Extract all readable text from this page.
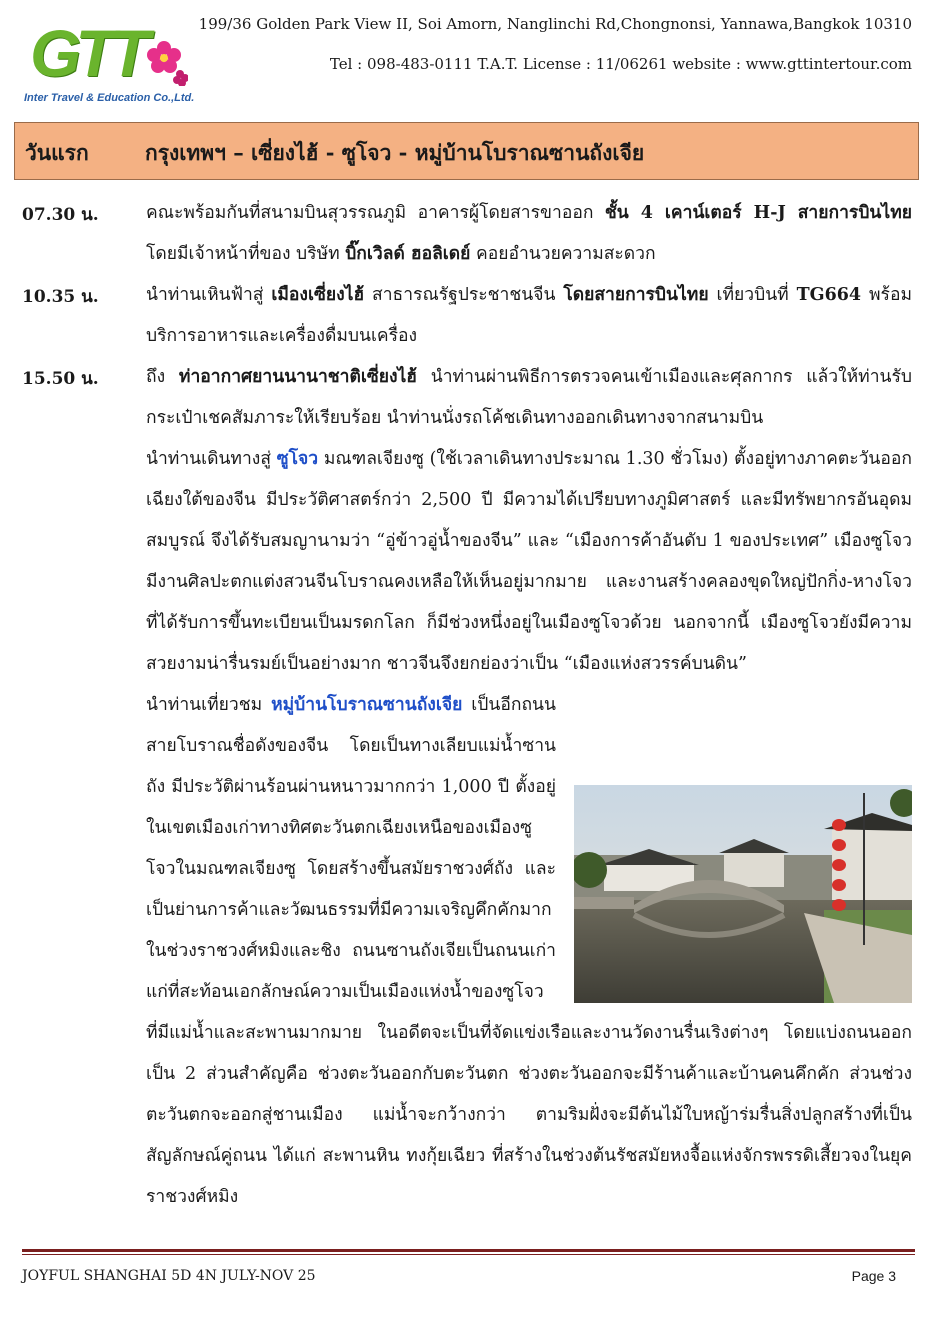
GTT
Inter Travel & Education Co.,Ltd.
199/36 Golden Park View II, Soi Amorn, Nanglinchi Rd,Chongnonsi, Yannawa,Bangkok 10310
Tel : 098-483-0111 T.A.T. License : 11/06261 website : www.gttintertour.com
วันแรก	กรุงเทพฯ – เซี่ยงไฮ้ - ซูโจว - หมู่บ้านโบราณซานถังเจีย
07.30 น.	คณะพร้อมกันที่สนามบินสุวรรณภูมิ อาคารผู้โดยสารขาออก ชั้น 4 เคาน์เตอร์ H-J สายการบินไทย โดยมีเจ้าหน้าที่ของ บริษัท บิ๊กเวิลด์ ฮอลิเดย์ คอยอำนวยความสะดวก

10.35 น.	นำท่านเหินฟ้าสู่ เมืองเซี่ยงไฮ้ สาธารณรัฐประชาชนจีน โดยสายการบินไทย เที่ยวบินที่ TG664 พร้อมบริการอาหารและเครื่องดื่มบนเครื่อง

15.50 น.	ถึง ท่าอากาศยานนานาชาติเซี่ยงไฮ้ นำท่านผ่านพิธีการตรวจคนเข้าเมืองและศุลกากร แล้วให้ท่านรับกระเป๋าเชคสัมภาระให้เรียบร้อย นำท่านนั่งรถโค้ชเดินทางออกเดินทางจากสนามบิน

นำท่านเดินทางสู่ ซูโจว มณฑลเจียงซู (ใช้เวลาเดินทางประมาณ 1.30 ชั่วโมง) ตั้งอยู่ทางภาคตะวันออกเฉียงใต้ของจีน มีประวัติศาสตร์กว่า 2,500 ปี มีความได้เปรียบทางภูมิศาสตร์ และมีทรัพยากรอันอุดมสมบูรณ์ จึงได้รับสมญานามว่า “อู่ข้าวอู่น้ำของจีน” และ “เมืองการค้าอันดับ 1 ของประเทศ” เมืองซูโจวมีงานศิลปะตกแต่งสวนจีนโบราณคงเหลือให้เห็นอยู่มากมาย และงานสร้างคลองขุดใหญ่ปักกิ่ง-หางโจว ที่ได้รับการขึ้นทะเบียนเป็นมรดกโลก ก็มีช่วงหนึ่งอยู่ในเมืองซูโจวด้วย นอกจากนี้ เมืองซูโจวยังมีความสวยงามน่ารื่นรมย์เป็นอย่างมาก ชาวจีนจึงยกย่องว่าเป็น “เมืองแห่งสวรรค์บนดิน”

นำท่านเที่ยวชม หมู่บ้านโบราณซานถังเจีย เป็นอีกถนนสายโบราณชื่อดังของจีน โดยเป็นทางเลียบแม่น้ำซานถัง มีประวัติผ่านร้อนผ่านหนาวมากกว่า 1,000 ปี ตั้งอยู่ในเขตเมืองเก่าทางทิศตะวันตกเฉียงเหนือของเมืองซูโจวในมณฑลเจียงซู โดยสร้างขึ้นสมัยราชวงศ์ถัง และเป็นย่านการค้าและวัฒนธรรมที่มีความเจริญคึกคักมากในช่วงราชวงศ์หมิงและชิง ถนนซานถังเจียเป็นถนนเก่าแก่ที่สะท้อนเอกลักษณ์ความเป็นเมืองแห่งน้ำของซูโจว ที่มีแม่น้ำและสะพานมากมาย ในอดีตจะเป็นที่จัดแข่งเรือและงานวัดงานรื่นเริงต่างๆ โดยแบ่งถนนออกเป็น 2 ส่วนสำคัญคือ ช่วงตะวันออกกับตะวันตก ช่วงตะวันออกจะมีร้านค้าและบ้านคนคึกคัก ส่วนช่วงตะวันตกจะออกสู่ชานเมือง แม่น้ำจะกว้างกว่า ตามริมฝั่งจะมีต้นไม้ใบหญ้าร่มรื่นสิ่งปลูกสร้างที่เป็นสัญลักษณ์คู่ถนน ได้แก่ สะพานหิน ทงกุ้ยเฉียว ที่สร้างในช่วงต้นรัชสมัยหงจื้อแห่งจักรพรรดิเสี้ยวจงในยุคราชวงศ์หมิง
JOYFUL SHANGHAI 5D 4N JULY-NOV 25	Page 3
